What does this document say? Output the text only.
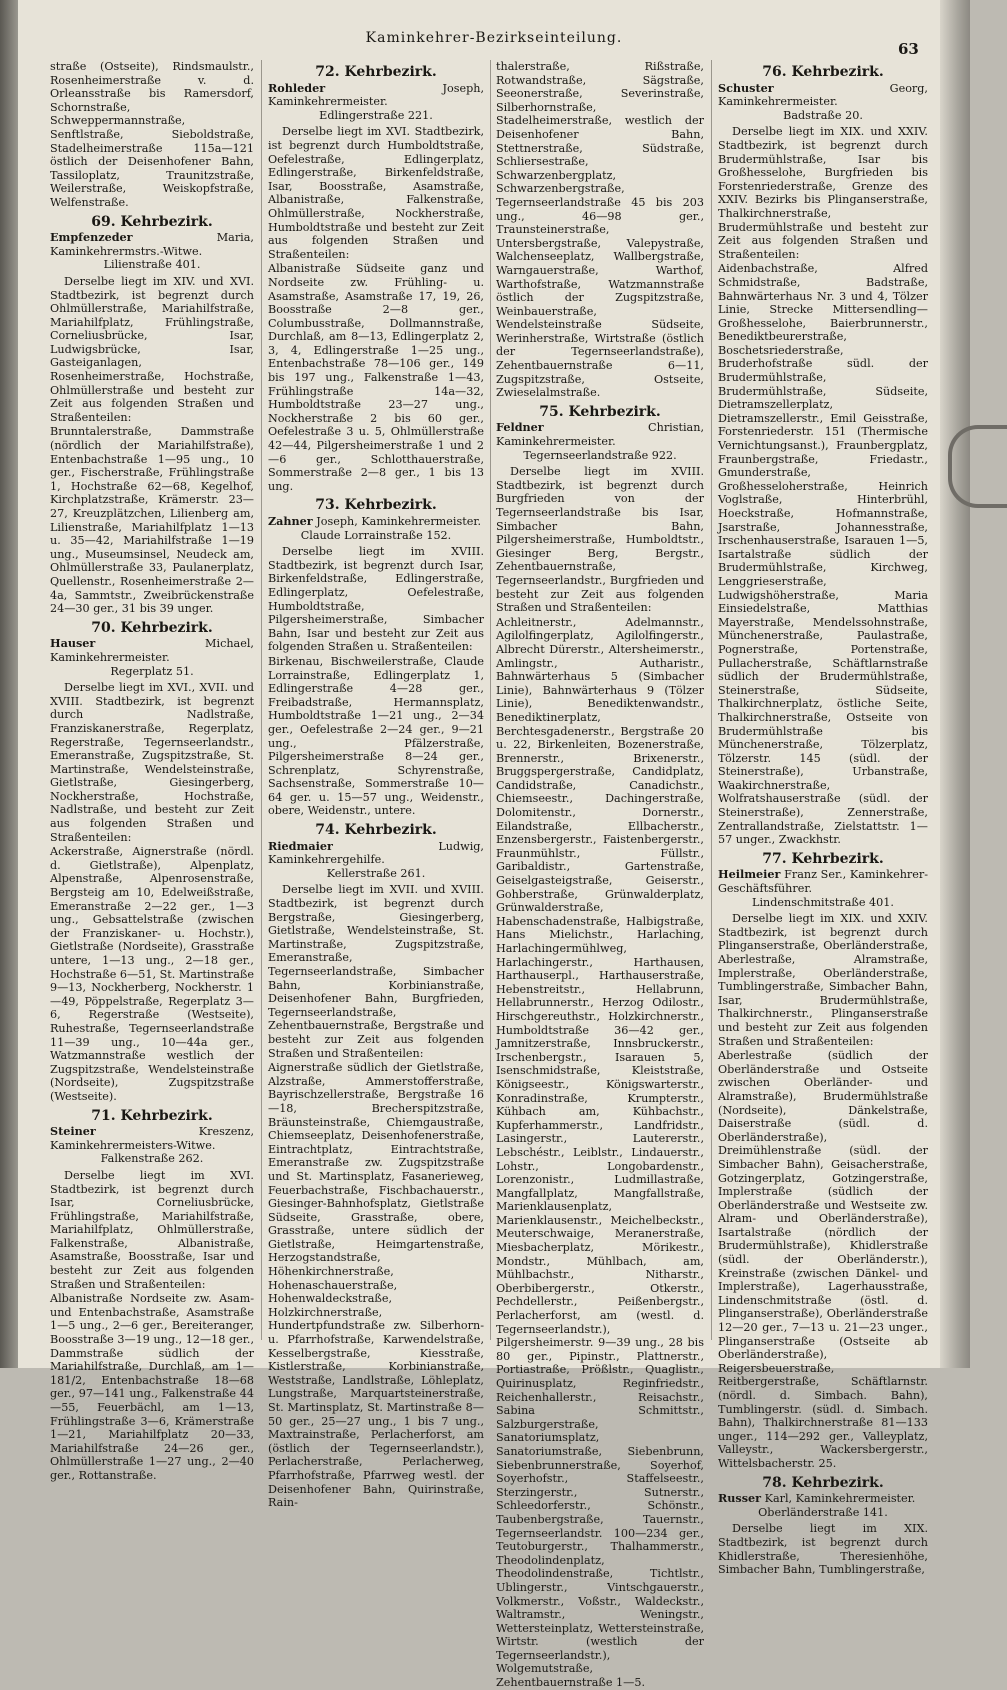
Kaminkehrer-Bezirkseinteilung.
63

straße (Ostseite), Rindsmaulstr., Rosenheimerstraße v. d. Orleansstraße bis Ramersdorf, Schornstraße, Schweppermannstraße, Senftlstraße, Sieboldstraße, Stadelheimerstraße 115a—121 östlich der Deisenhofener Bahn, Tassiloplatz, Traunitzstraße, Weilerstraße, Weiskopfstraße, Welfenstraße.

69. Kehrbezirk.

Empfenzeder Maria, Kaminkehrermstrs.-Witwe.

Lilienstraße 401.

Derselbe liegt im XIV. und XVI. Stadtbezirk, ist begrenzt durch Ohlmüllerstraße, Mariahilfstraße, Mariahilfplatz, Frühlingstraße, Corneliusbrücke, Isar, Ludwigsbrücke, Isar, Gasteiganlagen, Rosenheimerstraße, Hochstraße, Ohlmüllerstraße und besteht zur Zeit aus folgenden Straßen und Straßenteilen:

Brunntalerstraße, Dammstraße (nördlich der Mariahilfstraße), Entenbachstraße 1—95 ung., 10 ger., Fischerstraße, Frühlingstraße 1, Hochstraße 62—68, Kegelhof, Kirchplatzstraße, Krämerstr. 23—27, Kreuzplätzchen, Lilienberg am, Lilienstraße, Mariahilfplatz 1—13 u. 35—42, Mariahilfstraße 1—19 ung., Museumsinsel, Neudeck am, Ohlmüllerstraße 33, Paulanerplatz, Quellenstr., Rosenheimerstraße 2—4a, Sammtstr., Zweibrückenstraße 24—30 ger., 31 bis 39 unger.

70. Kehrbezirk.

Hauser Michael, Kaminkehrermeister.

Regerplatz 51.

Derselbe liegt im XVI., XVII. und XVIII. Stadtbezirk, ist begrenzt durch Nadlstraße, Franziskanerstraße, Regerplatz, Regerstraße, Tegernseerlandstr., Emeranstraße, Zugspitzstraße, St. Martinstraße, Wendelsteinstraße, Gietlstraße, Giesingerberg, Nockherstraße, Hochstraße, Nadlstraße, und besteht zur Zeit aus folgenden Straßen und Straßenteilen:

Ackerstraße, Aignerstraße (nördl. d. Gietlstraße), Alpenplatz, Alpenstraße, Alpenrosenstraße, Bergsteig am 10, Edelweißstraße, Emeranstraße 2—22 ger., 1—3 ung., Gebsattelstraße (zwischen der Franziskaner- u. Hochstr.), Gietlstraße (Nordseite), Grasstraße untere, 1—13 ung., 2—18 ger., Hochstraße 6—51, St. Martinstraße 9—13, Nockherberg, Nockherstr. 1—49, Pöppelstraße, Regerplatz 3—6, Regerstraße (Westseite), Ruhestraße, Tegernseerlandstraße 11—39 ung., 10—44a ger., Watzmannstraße westlich der Zugspitzstraße, Wendelsteinstraße (Nordseite), Zugspitzstraße (Westseite).

71. Kehrbezirk.

Steiner Kreszenz, Kaminkehrermeisters-Witwe.

Falkenstraße 262.

Derselbe liegt im XVI. Stadtbezirk, ist begrenzt durch Isar, Corneliusbrücke, Frühlingstraße, Mariahilfstraße, Mariahilfplatz, Ohlmüllerstraße, Falkenstraße, Albanistraße, Asamstraße, Boosstraße, Isar und besteht zur Zeit aus folgenden Straßen und Straßenteilen:

Albanistraße Nordseite zw. Asam- und Entenbachstraße, Asamstraße 1—5 ung., 2—6 ger., Bereiteranger, Boosstraße 3—19 ung., 12—18 ger., Dammstraße südlich der Mariahilfstraße, Durchlaß, am 1—181/2, Entenbachstraße 18—68 ger., 97—141 ung., Falkenstraße 44—55, Feuerbächl, am 1—13, Frühlingstraße 3—6, Krämerstraße 1—21, Mariahilfplatz 20—33, Mariahilfstraße 24—26 ger., Ohlmüllerstraße 1—27 ung., 2—40 ger., Rottanstraße.

72. Kehrbezirk.

Rohleder Joseph, Kaminkehrermeister.

Edlingerstraße 221.

Derselbe liegt im XVI. Stadtbezirk, ist begrenzt durch Humboldtstraße, Oefelestraße, Edlingerplatz, Edlingerstraße, Birkenfeldstraße, Isar, Boosstraße, Asamstraße, Albanistraße, Falkenstraße, Ohlmüllerstraße, Nockherstraße, Humboldtstraße und besteht zur Zeit aus folgenden Straßen und Straßenteilen:

Albanistraße Südseite ganz und Nordseite zw. Frühling- u. Asamstraße, Asamstraße 17, 19, 26, Boosstraße 2—8 ger., Columbusstraße, Dollmannstraße, Durchlaß, am 8—13, Edlingerplatz 2, 3, 4, Edlingerstraße 1—25 ung., Entenbachstraße 78—106 ger., 149 bis 197 ung., Falkenstraße 1—43, Frühlingstraße 14a—32, Humboldtstraße 23—27 ung., Nockherstraße 2 bis 60 ger., Oefelestraße 3 u. 5, Ohlmüllerstraße 42—44, Pilgersheimerstraße 1 und 2—6 ger., Schlotthauerstraße, Sommerstraße 2—8 ger., 1 bis 13 ung.

73. Kehrbezirk.

Zahner Joseph, Kaminkehrermeister.

Claude Lorrainstraße 152.

Derselbe liegt im XVIII. Stadtbezirk, ist begrenzt durch Isar, Birkenfeldstraße, Edlingerstraße, Edlingerplatz, Oefelestraße, Humboldtstraße, Pilgersheimerstraße, Simbacher Bahn, Isar und besteht zur Zeit aus folgenden Straßen u. Straßenteilen:

Birkenau, Bischweilerstraße, Claude Lorrainstraße, Edlingerplatz 1, Edlingerstraße 4—28 ger., Freibadstraße, Hermannsplatz, Humboldtstraße 1—21 ung., 2—34 ger., Oefelestraße 2—24 ger., 9—21 ung., Pfälzerstraße, Pilgersheimerstraße 8—24 ger., Schrenplatz, Schyrenstraße, Sachsenstraße, Sommerstraße 10—64 ger. u. 15—57 ung., Weidenstr., obere, Weidenstr., untere.

74. Kehrbezirk.

Riedmaier Ludwig, Kaminkehrergehilfe.

Kellerstraße 261.

Derselbe liegt im XVII. und XVIII. Stadtbezirk, ist begrenzt durch Bergstraße, Giesingerberg, Gietlstraße, Wendelsteinstraße, St. Martinstraße, Zugspitzstraße, Emeranstraße, Tegernseerlandstraße, Simbacher Bahn, Korbinianstraße, Deisenhofener Bahn, Burgfrieden, Tegernseerlandstraße, Zehentbauernstraße, Bergstraße und besteht zur Zeit aus folgenden Straßen und Straßenteilen:

Aignerstraße südlich der Gietlstraße, Alzstraße, Ammerstofferstraße, Bayrischzellerstraße, Bergstraße 16—18, Brecherspitzstraße, Bräunsteinstraße, Chiemgaustraße, Chiemseeplatz, Deisenhofenerstraße, Eintrachtplatz, Eintrachtstraße, Emeranstraße zw. Zugspitzstraße und St. Martinsplatz, Fasanerieweg, Feuerbachstraße, Fischbachauerstr., Giesinger-Bahnhofsplatz, Gietlstraße Südseite, Grasstraße, obere, Grasstraße, untere südlich der Gietlstraße, Heimgartenstraße, Herzogstandstraße, Höhenkirchnerstraße, Hohenaschauerstraße, Hohenwaldeckstraße, Holzkirchnerstraße, Hundertpfundstraße zw. Silberhorn- u. Pfarrhofstraße, Karwendelstraße, Kesselbergstraße, Kiesstraße, Kistlerstraße, Korbinianstraße, Weststraße, Landlstraße, Löhleplatz, Lungstraße, Marquartsteinerstraße, St. Martinsplatz, St. Martinstraße 8—50 ger., 25—27 ung., 1 bis 7 ung., Maxtrainstraße, Perlacherforst, am (östlich der Tegernseerlandstr.), Perlacherstraße, Perlacherweg, Pfarrhofstraße, Pfarrweg westl. der Deisenhofener Bahn, Quirinstraße, Rain-

thalerstraße, Rißstraße, Rotwandstraße, Sägstraße, Seeonerstraße, Severinstraße, Silberhornstraße, Stadelheimerstraße, westlich der Deisenhofener Bahn, Stettnerstraße, Südstraße, Schliersestraße, Schwarzenbergplatz, Schwarzenbergstraße, Tegernseerlandstraße 45 bis 203 ung., 46—98 ger., Traunsteinerstraße, Untersbergstraße, Valepystraße, Walchenseeplatz, Wallbergstraße, Warngauerstraße, Warthof, Warthofstraße, Watzmannstraße östlich der Zugspitzstraße, Weinbauerstraße, Wendelsteinstraße Südseite, Werinherstraße, Wirtstraße (östlich der Tegernseerlandstraße), Zehentbauernstraße 6—11, Zugspitzstraße, Ostseite, Zwieselalmstraße.

75. Kehrbezirk.

Feldner Christian, Kaminkehrermeister.

Tegernseerlandstraße 922.

Derselbe liegt im XVIII. Stadtbezirk, ist begrenzt durch Burgfrieden von der Tegernseerlandstraße bis Isar, Simbacher Bahn, Pilgersheimerstraße, Humboldtstr., Giesinger Berg, Bergstr., Zehentbauernstraße, Tegernseerlandstr., Burgfrieden und besteht zur Zeit aus folgenden Straßen und Straßenteilen:

Achleitnerstr., Adelmannstr., Agilolfingerplatz, Agilolfingerstr., Albrecht Dürerstr., Altersheimerstr., Amlingstr., Autharistr., Bahnwärterhaus 5 (Simbacher Linie), Bahnwärterhaus 9 (Tölzer Linie), Benediktenwandstr., Benediktinerplatz, Berchtesgadenerstr., Bergstraße 20 u. 22, Birkenleiten, Bozenerstraße, Brennerstr., Brixenerstr., Bruggspergerstraße, Candidplatz, Candidstraße, Canadichstr., Chiemseestr., Dachingerstraße, Dolomitenstr., Dornerstr., Eilandstraße, Ellbacherstr., Enzensbergerstr., Faistenbergerstr., Fraunmühlstr., Füllstr., Garibaldistr., Gartenstraße, Geiselgasteigstraße, Geiserstr., Gohberstraße, Grünwalderplatz, Grünwalderstraße, Habenschadenstraße, Halbigstraße, Hans Mielichstr., Harlaching, Harlachingermühlweg, Harlachingerstr., Harthausen, Harthauserpl., Harthauserstraße, Hebenstreitstr., Hellabrunn, Hellabrunnerstr., Herzog Odilostr., Hirschgereuthstr., Holzkirchnerstr., Humboldtstraße 36—42 ger., Jamnitzerstraße, Innsbruckerstr., Irschenbergstr., Isarauen 5, Isenschmidstraße, Kleiststraße, Königseestr., Königswarterstr., Konradinstraße, Krumpterstr., Kühbach am, Kühbachstr., Kupferhammerstr., Landfridstr., Lasingerstr., Lautererstr., Lebschéstr., Leiblstr., Lindauerstr., Lohstr., Longobardenstr., Lorenzonistr., Ludmillastraße, Mangfallplatz, Mangfallstraße, Marienklausenplatz, Marienklausenstr., Meichelbeckstr., Meuterschwaige, Meranerstraße, Miesbacherplatz, Mörikestr., Mondstr., Mühlbach, am, Mühlbachstr., Nitharstr., Oberbibergerstr., Otkerstr., Pechdellerstr., Peißenbergstr., Perlacherforst, am (westl. d. Tegernseerlandstr.), Pilgersheimerstr. 9—39 ung., 28 bis 80 ger., Pipinstr., Plattnerstr., Portiastraße, Prößlstr., Quaglistr., Quirinusplatz, Reginfriedstr., Reichenhallerstr., Reisachstr., Sabina Schmittstr., Salzburgerstraße, Sanatoriumsplatz, Sanatoriumstraße, Siebenbrunn, Siebenbrunnerstraße, Soyerhof, Soyerhofstr., Staffelseestr., Sterzingerstr., Sutnerstr., Schleedorferstr., Schönstr., Taubenbergstraße, Tauernstr., Tegernseerlandstr. 100—234 ger., Teutoburgerstr., Thalhammerstr., Theodolindenplatz, Theodolindenstraße, Tichtlstr., Ublingerstr., Vintschgauerstr., Volkmerstr., Voßstr., Waldeckstr., Waltramstr., Weningstr., Wettersteinplatz, Wettersteinstraße, Wirtstr. (westlich der Tegernseerlandstr.), Wolgemutstraße, Zehentbauernstraße 1—5.

76. Kehrbezirk.

Schuster Georg, Kaminkehrermeister.

Badstraße 20.

Derselbe liegt im XIX. und XXIV. Stadtbezirk, ist begrenzt durch Brudermühlstraße, Isar bis Großhesselohe, Burgfrieden bis Forstenriederstraße, Grenze des XXIV. Bezirks bis Plinganserstraße, Thalkirchnerstraße, Brudermühlstraße und besteht zur Zeit aus folgenden Straßen und Straßenteilen:

Aidenbachstraße, Alfred Schmidstraße, Badstraße, Bahnwärterhaus Nr. 3 und 4, Tölzer Linie, Strecke Mittersendling—Großhesselohe, Baierbrunnerstr., Benediktbeurerstraße, Boschetsriederstraße, Bruderhofstraße südl. der Brudermühlstraße, Brudermühlstraße, Südseite, Dietramszellerplatz, Dietramszellerstr., Emil Geisstraße, Forstenriederstr. 151 (Thermische Vernichtungsanst.), Fraunbergplatz, Fraunbergstraße, Friedastr., Gmunderstraße, Großhesseloherstraße, Heinrich Voglstraße, Hinterbrühl, Hoeckstraße, Hofmannstraße, Jsarstraße, Johannesstraße, Irschenhauserstraße, Isarauen 1—5, Isartalstraße südlich der Brudermühlstraße, Kirchweg, Lenggrieserstraße, Ludwigshöherstraße, Maria Einsiedelstraße, Matthias Mayerstraße, Mendelssohnstraße, Münchenerstraße, Paulastraße, Pognerstraße, Portenstraße, Pullacherstraße, Schäftlarnstraße südlich der Brudermühlstraße, Steinerstraße, Südseite, Thalkirchnerplatz, östliche Seite, Thalkirchnerstraße, Ostseite von Brudermühlstraße bis Münchenerstraße, Tölzerplatz, Tölzerstr. 145 (südl. der Steinerstraße), Urbanstraße, Waakirchnerstraße, Wolfratshauserstraße (südl. der Steinerstraße), Zennerstraße, Zentrallandstraße, Zielstattstr. 1—57 unger., Zwackhstr.

77. Kehrbezirk.

Heilmeier Franz Ser., Kaminkehrer-Geschäftsführer.

Lindenschmitstraße 401.

Derselbe liegt im XIX. und XXIV. Stadtbezirk, ist begrenzt durch Plinganserstraße, Oberländerstraße, Aberlestraße, Alramstraße, Implerstraße, Oberländerstraße, Tumblingerstraße, Simbacher Bahn, Isar, Brudermühlstraße, Thalkirchnerstr., Plinganserstraße und besteht zur Zeit aus folgenden Straßen und Straßenteilen:

Aberlestraße (südlich der Oberländerstraße und Ostseite zwischen Oberländer- und Alramstraße), Brudermühlstraße (Nordseite), Dänkelstraße, Daiserstraße (südl. d. Oberländerstraße), Dreimühlenstraße (südl. der Simbacher Bahn), Geisacherstraße, Gotzingerplatz, Gotzingerstraße, Implerstraße (südlich der Oberländerstraße und Westseite zw. Alram- und Oberländerstraße), Isartalstraße (nördlich der Brudermühlstraße), Khidlerstraße (südl. der Oberländerstr.), Kreinstraße (zwischen Dänkel- und Implerstraße), Lagerhausstraße, Lindenschmitstraße (östl. d. Plinganserstraße), Oberländerstraße 12—20 ger., 7—13 u. 21—23 unger., Plinganserstraße (Ostseite ab Oberländerstraße), Reigersbeuerstraße, Reitbergerstraße, Schäftlarnstr. (nördl. d. Simbach. Bahn), Tumblingerstr. (südl. d. Simbach. Bahn), Thalkirchnerstraße 81—133 unger., 114—292 ger., Valleyplatz, Valleystr., Wackersbergerstr., Wittelsbacherstr. 25.

78. Kehrbezirk.

Russer Karl, Kaminkehrermeister.

Oberländerstraße 141.

Derselbe liegt im XIX. Stadtbezirk, ist begrenzt durch Khidlerstraße, Theresienhöhe, Simbacher Bahn, Tumblingerstraße,
